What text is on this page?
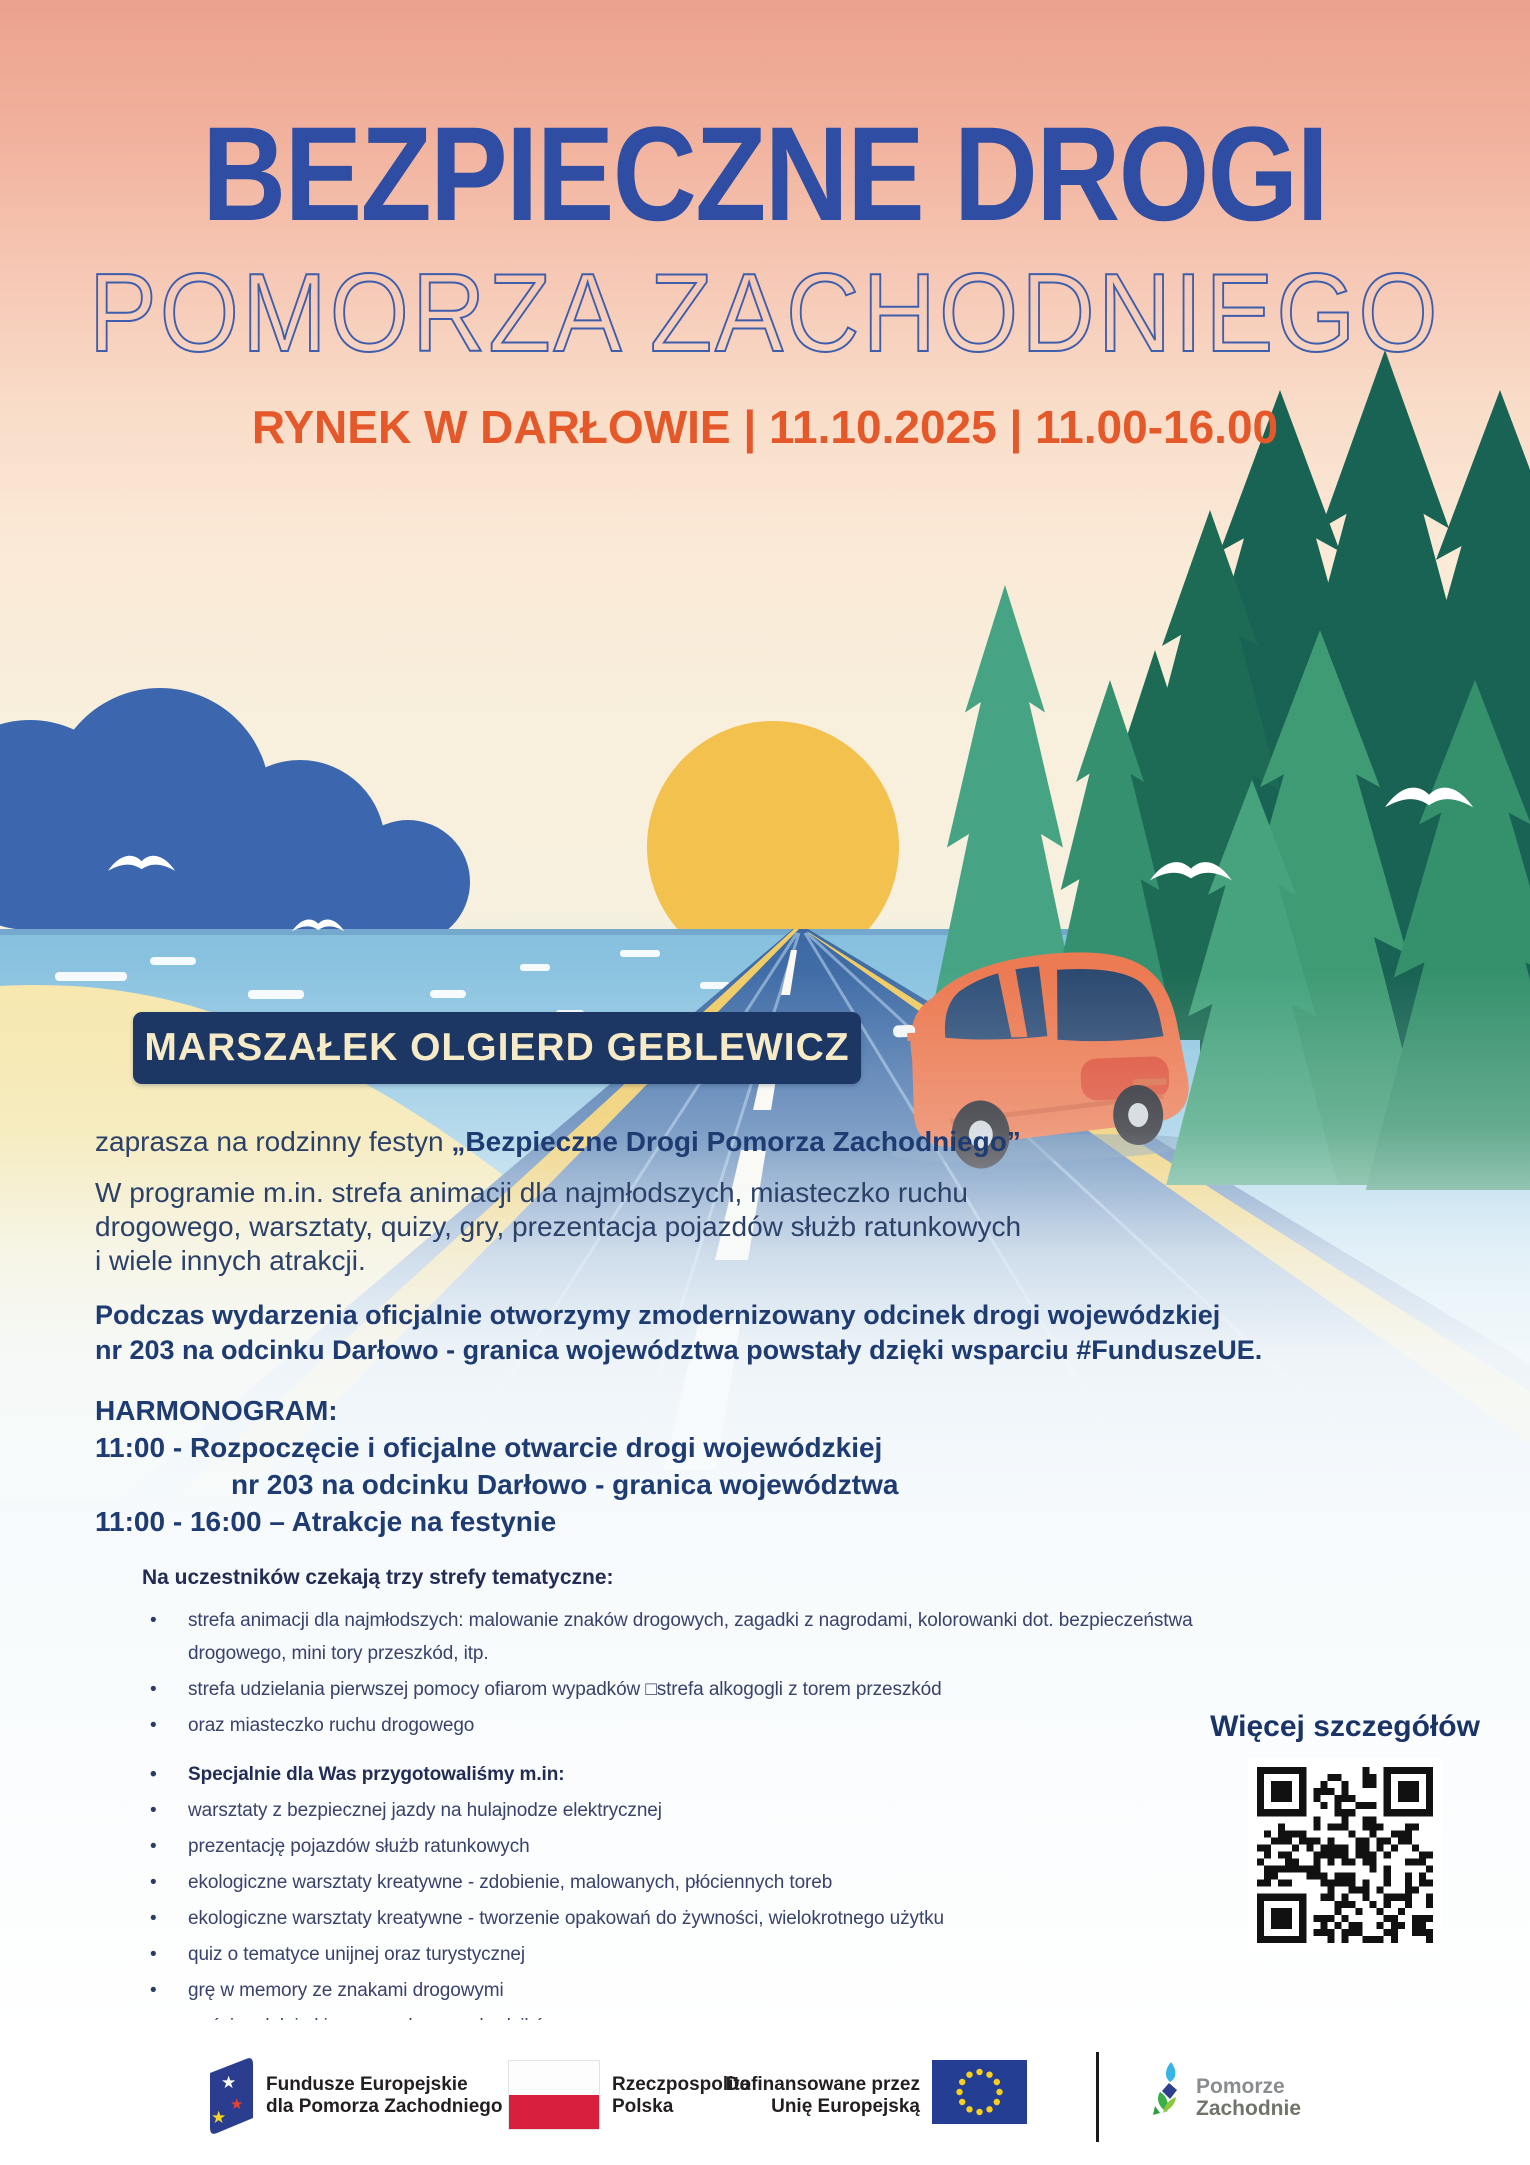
BEZPIECZNE DROGI
POMORZA ZACHODNIEGO
RYNEK W DARŁOWIE | 11.10.2025 | 11.00-16.00
MARSZAŁEK OLGIERD GEBLEWICZ
zaprasza na rodzinny festyn „Bezpieczne Drogi Pomorza Zachodniego”
W programie m.in. strefa animacji dla najmłodszych, miasteczko ruchu
drogowego, warsztaty, quizy, gry, prezentacja pojazdów służb ratunkowych
i wiele innych atrakcji.
Podczas wydarzenia oficjalnie otworzymy zmodernizowany odcinek drogi wojewódzkiej
nr 203 na odcinku Darłowo - granica województwa powstały dzięki wsparciu #FunduszeUE.
HARMONOGRAM:
11:00 - Rozpoczęcie i oficjalne otwarcie drogi wojewódzkiej
nr 203 na odcinku Darłowo - granica województwa
11:00 - 16:00 – Atrakcje na festynie
Na uczestników czekają trzy strefy tematyczne:
• strefa animacji dla najmłodszych: malowanie znaków drogowych, zagadki z nagrodami, kolorowanki dot. bezpieczeństwa drogowego, mini tory przeszkód, itp.
• strefa udzielania pierwszej pomocy ofiarom wypadków □strefa alkogogli z torem przeszkód
• oraz miasteczko ruchu drogowego
• Specjalnie dla Was przygotowaliśmy m.in:
• warsztaty z bezpiecznej jazdy na hulajnodze elektrycznej
• prezentację pojazdów służb ratunkowych
• ekologiczne warsztaty kreatywne - zdobienie, malowanych, płóciennych toreb
• ekologiczne warsztaty kreatywne - tworzenie opakowań do żywności, wielokrotnego użytku
• quiz o tematyce unijnej oraz turystycznej
• grę w memory ze znakami drogowymi
•
Więcej szczegółów
★
★
★
Fundusze Europejskie
dla Pomorza Zachodniego
Rzeczpospolita
Polska
Dofinansowane przez
Unię Europejską
Pomorze
Zachodnie
